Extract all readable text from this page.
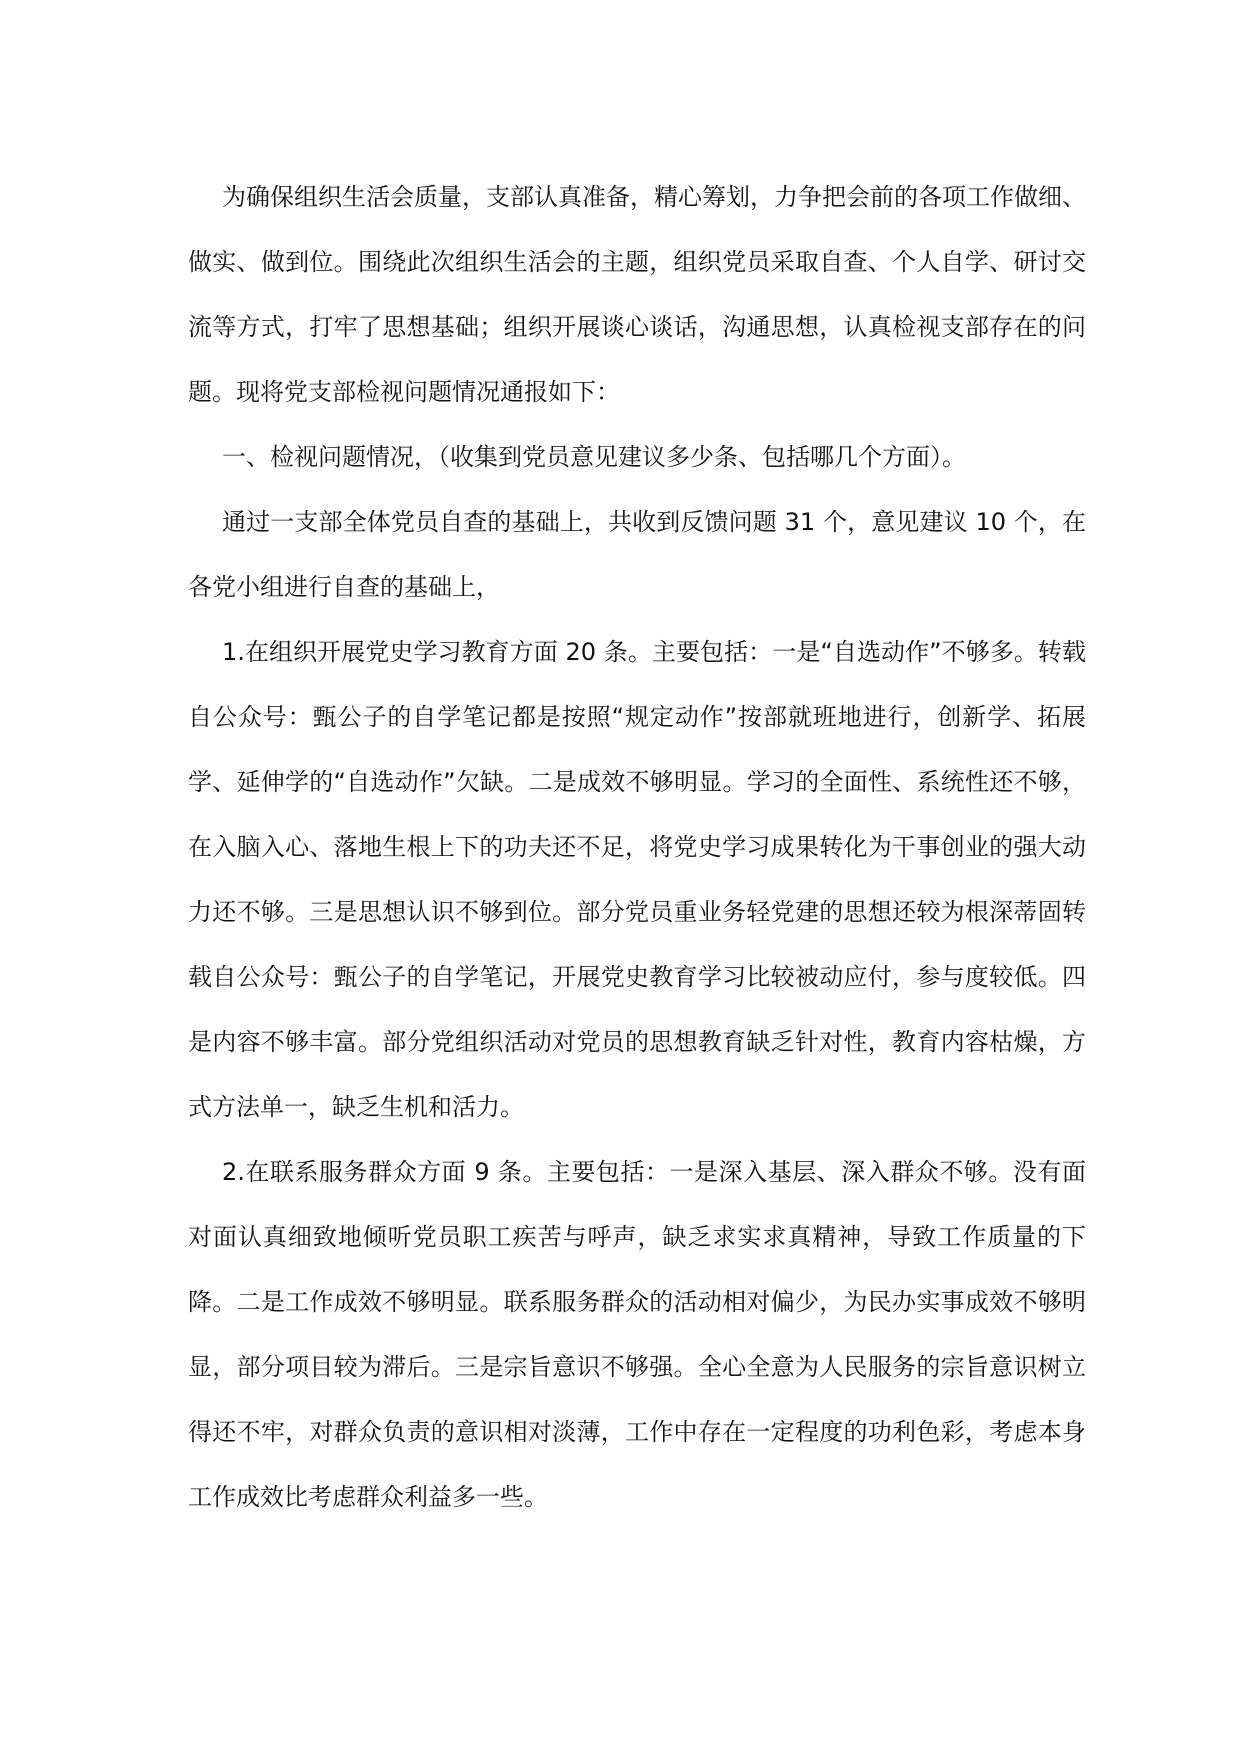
为确保组织生活会质量，支部认真准备，精心筹划，力争把会前的各项工作做细、做实、做到位。围绕此次组织生活会的主题，组织党员采取自查、个人自学、研讨交流等方式，打牢了思想基础；组织开展谈心谈话，沟通思想，认真检视支部存在的问题。现将党支部检视问题情况通报如下：

一、检视问题情况，（收集到党员意见建议多少条、包括哪几个方面）。

通过一支部全体党员自查的基础上，共收到反馈问题 31 个，意见建议 10 个，在各党小组进行自查的基础上，

1.在组织开展党史学习教育方面 20 条。主要包括：一是“自选动作”不够多。转载自公众号：甄公子的自学笔记都是按照“规定动作”按部就班地进行，创新学、拓展学、延伸学的“自选动作”欠缺。二是成效不够明显。学习的全面性、系统性还不够，在入脑入心、落地生根上下的功夫还不足，将党史学习成果转化为干事创业的强大动力还不够。三是思想认识不够到位。部分党员重业务轻党建的思想还较为根深蒂固转载自公众号：甄公子的自学笔记，开展党史教育学习比较被动应付，参与度较低。四是内容不够丰富。部分党组织活动对党员的思想教育缺乏针对性，教育内容枯燥，方式方法单一，缺乏生机和活力。

2.在联系服务群众方面 9 条。主要包括：一是深入基层、深入群众不够。没有面对面认真细致地倾听党员职工疾苦与呼声，缺乏求实求真精神，导致工作质量的下降。二是工作成效不够明显。联系服务群众的活动相对偏少，为民办实事成效不够明显，部分项目较为滞后。三是宗旨意识不够强。全心全意为人民服务的宗旨意识树立得还不牢，对群众负责的意识相对淡薄，工作中存在一定程度的功利色彩，考虑本身工作成效比考虑群众利益多一些。
